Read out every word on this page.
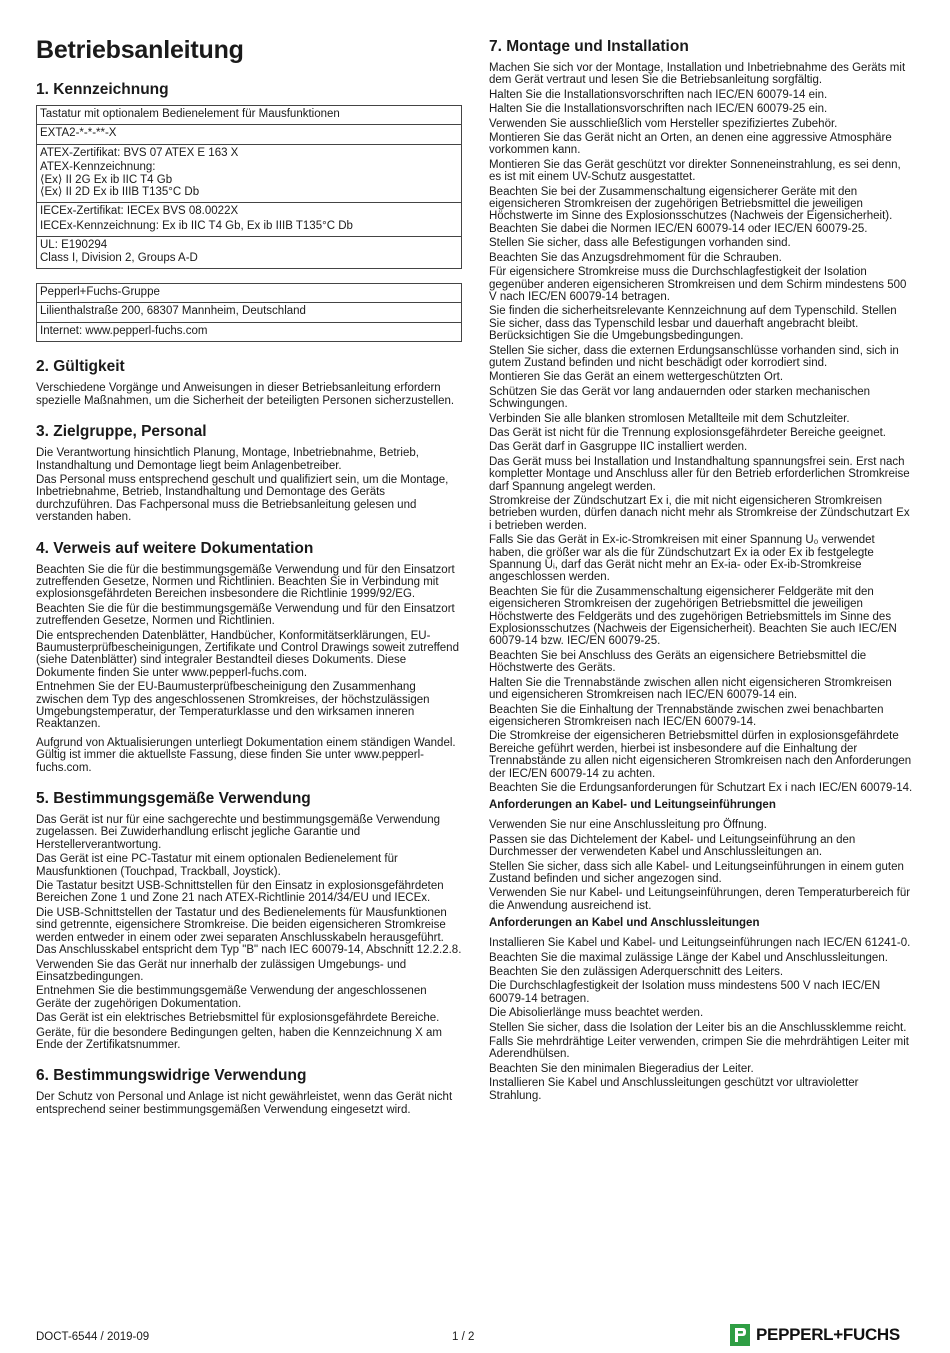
Betriebsanleitung
1. Kennzeichnung
Tastatur mit optionalem Bedienelement für Mausfunktionen
EXTA2-*-*-**-X
ATEX-Zertifikat: BVS 07 ATEX E 163 X
ATEX-Kennzeichnung:
⟨Ex⟩ II 2G Ex ib IIC T4 Gb
⟨Ex⟩ II 2D Ex ib IIIB T135°C Db
IECEx-Zertifikat: IECEx BVS 08.0022X
IECEx-Kennzeichnung: Ex ib IIC T4 Gb, Ex ib IIIB T135°C Db
UL: E190294
Class I, Division 2, Groups A-D
Pepperl+Fuchs-Gruppe
Lilienthalstraße 200, 68307 Mannheim, Deutschland
Internet: www.pepperl-fuchs.com
2. Gültigkeit

Verschiedene Vorgänge und Anweisungen in dieser Betriebsanleitung erfordern spezielle Maßnahmen, um die Sicherheit der beteiligten Personen sicherzustellen.

3. Zielgruppe, Personal

Die Verantwortung hinsichtlich Planung, Montage, Inbetriebnahme, Betrieb, Instandhaltung und Demontage liegt beim Anlagenbetreiber.

Das Personal muss entsprechend geschult und qualifiziert sein, um die Montage, Inbetriebnahme, Betrieb, Instandhaltung und Demontage des Geräts durchzuführen. Das Fachpersonal muss die Betriebsanleitung gelesen und verstanden haben.

4. Verweis auf weitere Dokumentation

Beachten Sie die für die bestimmungsgemäße Verwendung und für den Einsatzort zutreffenden Gesetze, Normen und Richtlinien. Beachten Sie in Verbindung mit explosionsgefährdeten Bereichen insbesondere die Richtlinie 1999/92/EG.

Beachten Sie die für die bestimmungsgemäße Verwendung und für den Einsatzort zutreffenden Gesetze, Normen und Richtlinien.

Die entsprechenden Datenblätter, Handbücher, Konformitätserklärungen, EU-Baumusterprüfbescheinigungen, Zertifikate und Control Drawings soweit zutreffend (siehe Datenblätter) sind integraler Bestandteil dieses Dokuments. Diese Dokumente finden Sie unter www.pepperl-fuchs.com.

Entnehmen Sie der EU-Baumusterprüfbescheinigung den Zusammenhang zwischen dem Typ des angeschlossenen Stromkreises, der höchstzulässigen Umgebungstemperatur, der Temperaturklasse und den wirksamen inneren Reaktanzen.

Aufgrund von Aktualisierungen unterliegt Dokumentation einem ständigen Wandel. Gültig ist immer die aktuellste Fassung, diese finden Sie unter www.pepperl-fuchs.com.

5. Bestimmungsgemäße Verwendung

Das Gerät ist nur für eine sachgerechte und bestimmungsgemäße Verwendung zugelassen. Bei Zuwiderhandlung erlischt jegliche Garantie und Herstellerverantwortung.

Das Gerät ist eine PC-Tastatur mit einem optionalen Bedienelement für Mausfunktionen (Touchpad, Trackball, Joystick).

Die Tastatur besitzt USB-Schnittstellen für den Einsatz in explosionsgefährdeten Bereichen Zone 1 und Zone 21 nach ATEX-Richtlinie 2014/34/EU und IECEx.

Die USB-Schnittstellen der Tastatur und des Bedienelements für Mausfunktionen sind getrennte, eigensichere Stromkreise. Die beiden eigensicheren Stromkreise werden entweder in einem oder zwei separaten Anschlusskabeln herausgeführt. Das Anschlusskabel entspricht dem Typ "B" nach IEC 60079-14, Abschnitt 12.2.2.8.

Verwenden Sie das Gerät nur innerhalb der zulässigen Umgebungs- und Einsatzbedingungen.

Entnehmen Sie die bestimmungsgemäße Verwendung der angeschlossenen Geräte der zugehörigen Dokumentation.

Das Gerät ist ein elektrisches Betriebsmittel für explosionsgefährdete Bereiche.

Geräte, für die besondere Bedingungen gelten, haben die Kennzeichnung X am Ende der Zertifikatsnummer.

6. Bestimmungswidrige Verwendung

Der Schutz von Personal und Anlage ist nicht gewährleistet, wenn das Gerät nicht entsprechend seiner bestimmungsgemäßen Verwendung eingesetzt wird.

7. Montage und Installation

Machen Sie sich vor der Montage, Installation und Inbetriebnahme des Geräts mit dem Gerät vertraut und lesen Sie die Betriebsanleitung sorgfältig.

Halten Sie die Installationsvorschriften nach IEC/EN 60079-14 ein.

Halten Sie die Installationsvorschriften nach IEC/EN 60079-25 ein.

Verwenden Sie ausschließlich vom Hersteller spezifiziertes Zubehör.

Montieren Sie das Gerät nicht an Orten, an denen eine aggressive Atmosphäre vorkommen kann.

Montieren Sie das Gerät geschützt vor direkter Sonneneinstrahlung, es sei denn, es ist mit einem UV-Schutz ausgestattet.

Beachten Sie bei der Zusammenschaltung eigensicherer Geräte mit den eigensicheren Stromkreisen der zugehörigen Betriebsmittel die jeweiligen Höchstwerte im Sinne des Explosionsschutzes (Nachweis der Eigensicherheit). Beachten Sie dabei die Normen IEC/EN 60079-14 oder IEC/EN 60079-25.

Stellen Sie sicher, dass alle Befestigungen vorhanden sind.

Beachten Sie das Anzugsdrehmoment für die Schrauben.

Für eigensichere Stromkreise muss die Durchschlagfestigkeit der Isolation gegenüber anderen eigensicheren Stromkreisen und dem Schirm mindestens 500 V nach IEC/EN 60079-14 betragen.

Sie finden die sicherheitsrelevante Kennzeichnung auf dem Typenschild. Stellen Sie sicher, dass das Typenschild lesbar und dauerhaft angebracht bleibt. Berücksichtigen Sie die Umgebungsbedingungen.

Stellen Sie sicher, dass die externen Erdungsanschlüsse vorhanden sind, sich in gutem Zustand befinden und nicht beschädigt oder korrodiert sind.

Montieren Sie das Gerät an einem wettergeschützten Ort.

Schützen Sie das Gerät vor lang andauernden oder starken mechanischen Schwingungen.

Verbinden Sie alle blanken stromlosen Metallteile mit dem Schutzleiter.

Das Gerät ist nicht für die Trennung explosionsgefährdeter Bereiche geeignet.

Das Gerät darf in Gasgruppe IIC installiert werden.

Das Gerät muss bei Installation und Instandhaltung spannungsfrei sein. Erst nach kompletter Montage und Anschluss aller für den Betrieb erforderlichen Stromkreise darf Spannung angelegt werden.

Stromkreise der Zündschutzart Ex i, die mit nicht eigensicheren Stromkreisen betrieben wurden, dürfen danach nicht mehr als Stromkreise der Zündschutzart Ex i betrieben werden.

Falls Sie das Gerät in Ex-ic-Stromkreisen mit einer Spannung U₀ verwendet haben, die größer war als die für Zündschutzart Ex ia oder Ex ib festgelegte Spannung Uᵢ, darf das Gerät nicht mehr an Ex-ia- oder Ex-ib-Stromkreise angeschlossen werden.

Beachten Sie für die Zusammenschaltung eigensicherer Feldgeräte mit den eigensicheren Stromkreisen der zugehörigen Betriebsmittel die jeweiligen Höchstwerte des Feldgeräts und des zugehörigen Betriebsmittels im Sinne des Explosionsschutzes (Nachweis der Eigensicherheit). Beachten Sie auch IEC/EN 60079-14 bzw. IEC/EN 60079-25.

Beachten Sie bei Anschluss des Geräts an eigensichere Betriebsmittel die Höchstwerte des Geräts.

Halten Sie die Trennabstände zwischen allen nicht eigensicheren Stromkreisen und eigensicheren Stromkreisen nach IEC/EN 60079-14 ein.

Beachten Sie die Einhaltung der Trennabstände zwischen zwei benachbarten eigensicheren Stromkreisen nach IEC/EN 60079-14.

Die Stromkreise der eigensicheren Betriebsmittel dürfen in explosionsgefährdete Bereiche geführt werden, hierbei ist insbesondere auf die Einhaltung der Trennabstände zu allen nicht eigensicheren Stromkreisen nach den Anforderungen der IEC/EN 60079-14 zu achten.

Beachten Sie die Erdungsanforderungen für Schutzart Ex i nach IEC/EN 60079-14.

Anforderungen an Kabel- und Leitungseinführungen

Verwenden Sie nur eine Anschlussleitung pro Öffnung.

Passen sie das Dichtelement der Kabel- und Leitungseinführung an den Durchmesser der verwendeten Kabel und Anschlussleitungen an.

Stellen Sie sicher, dass sich alle Kabel- und Leitungseinführungen in einem guten Zustand befinden und sicher angezogen sind.

Verwenden Sie nur Kabel- und Leitungseinführungen, deren Temperaturbereich für die Anwendung ausreichend ist.

Anforderungen an Kabel und Anschlussleitungen

Installieren Sie Kabel und Kabel- und Leitungseinführungen nach IEC/EN 61241-0.

Beachten Sie die maximal zulässige Länge der Kabel und Anschlussleitungen.

Beachten Sie den zulässigen Aderquerschnitt des Leiters.

Die Durchschlagfestigkeit der Isolation muss mindestens 500 V nach IEC/EN 60079-14 betragen.

Die Abisolierlänge muss beachtet werden.

Stellen Sie sicher, dass die Isolation der Leiter bis an die Anschlussklemme reicht.

Falls Sie mehrdrähtige Leiter verwenden, crimpen Sie die mehrdrähtigen Leiter mit Aderendhülsen.

Beachten Sie den minimalen Biegeradius der Leiter.

Installieren Sie Kabel und Anschlussleitungen geschützt vor ultravioletter Strahlung.

DOCT-6544 / 2019-09	1 / 2	PEPPERL+FUCHS
